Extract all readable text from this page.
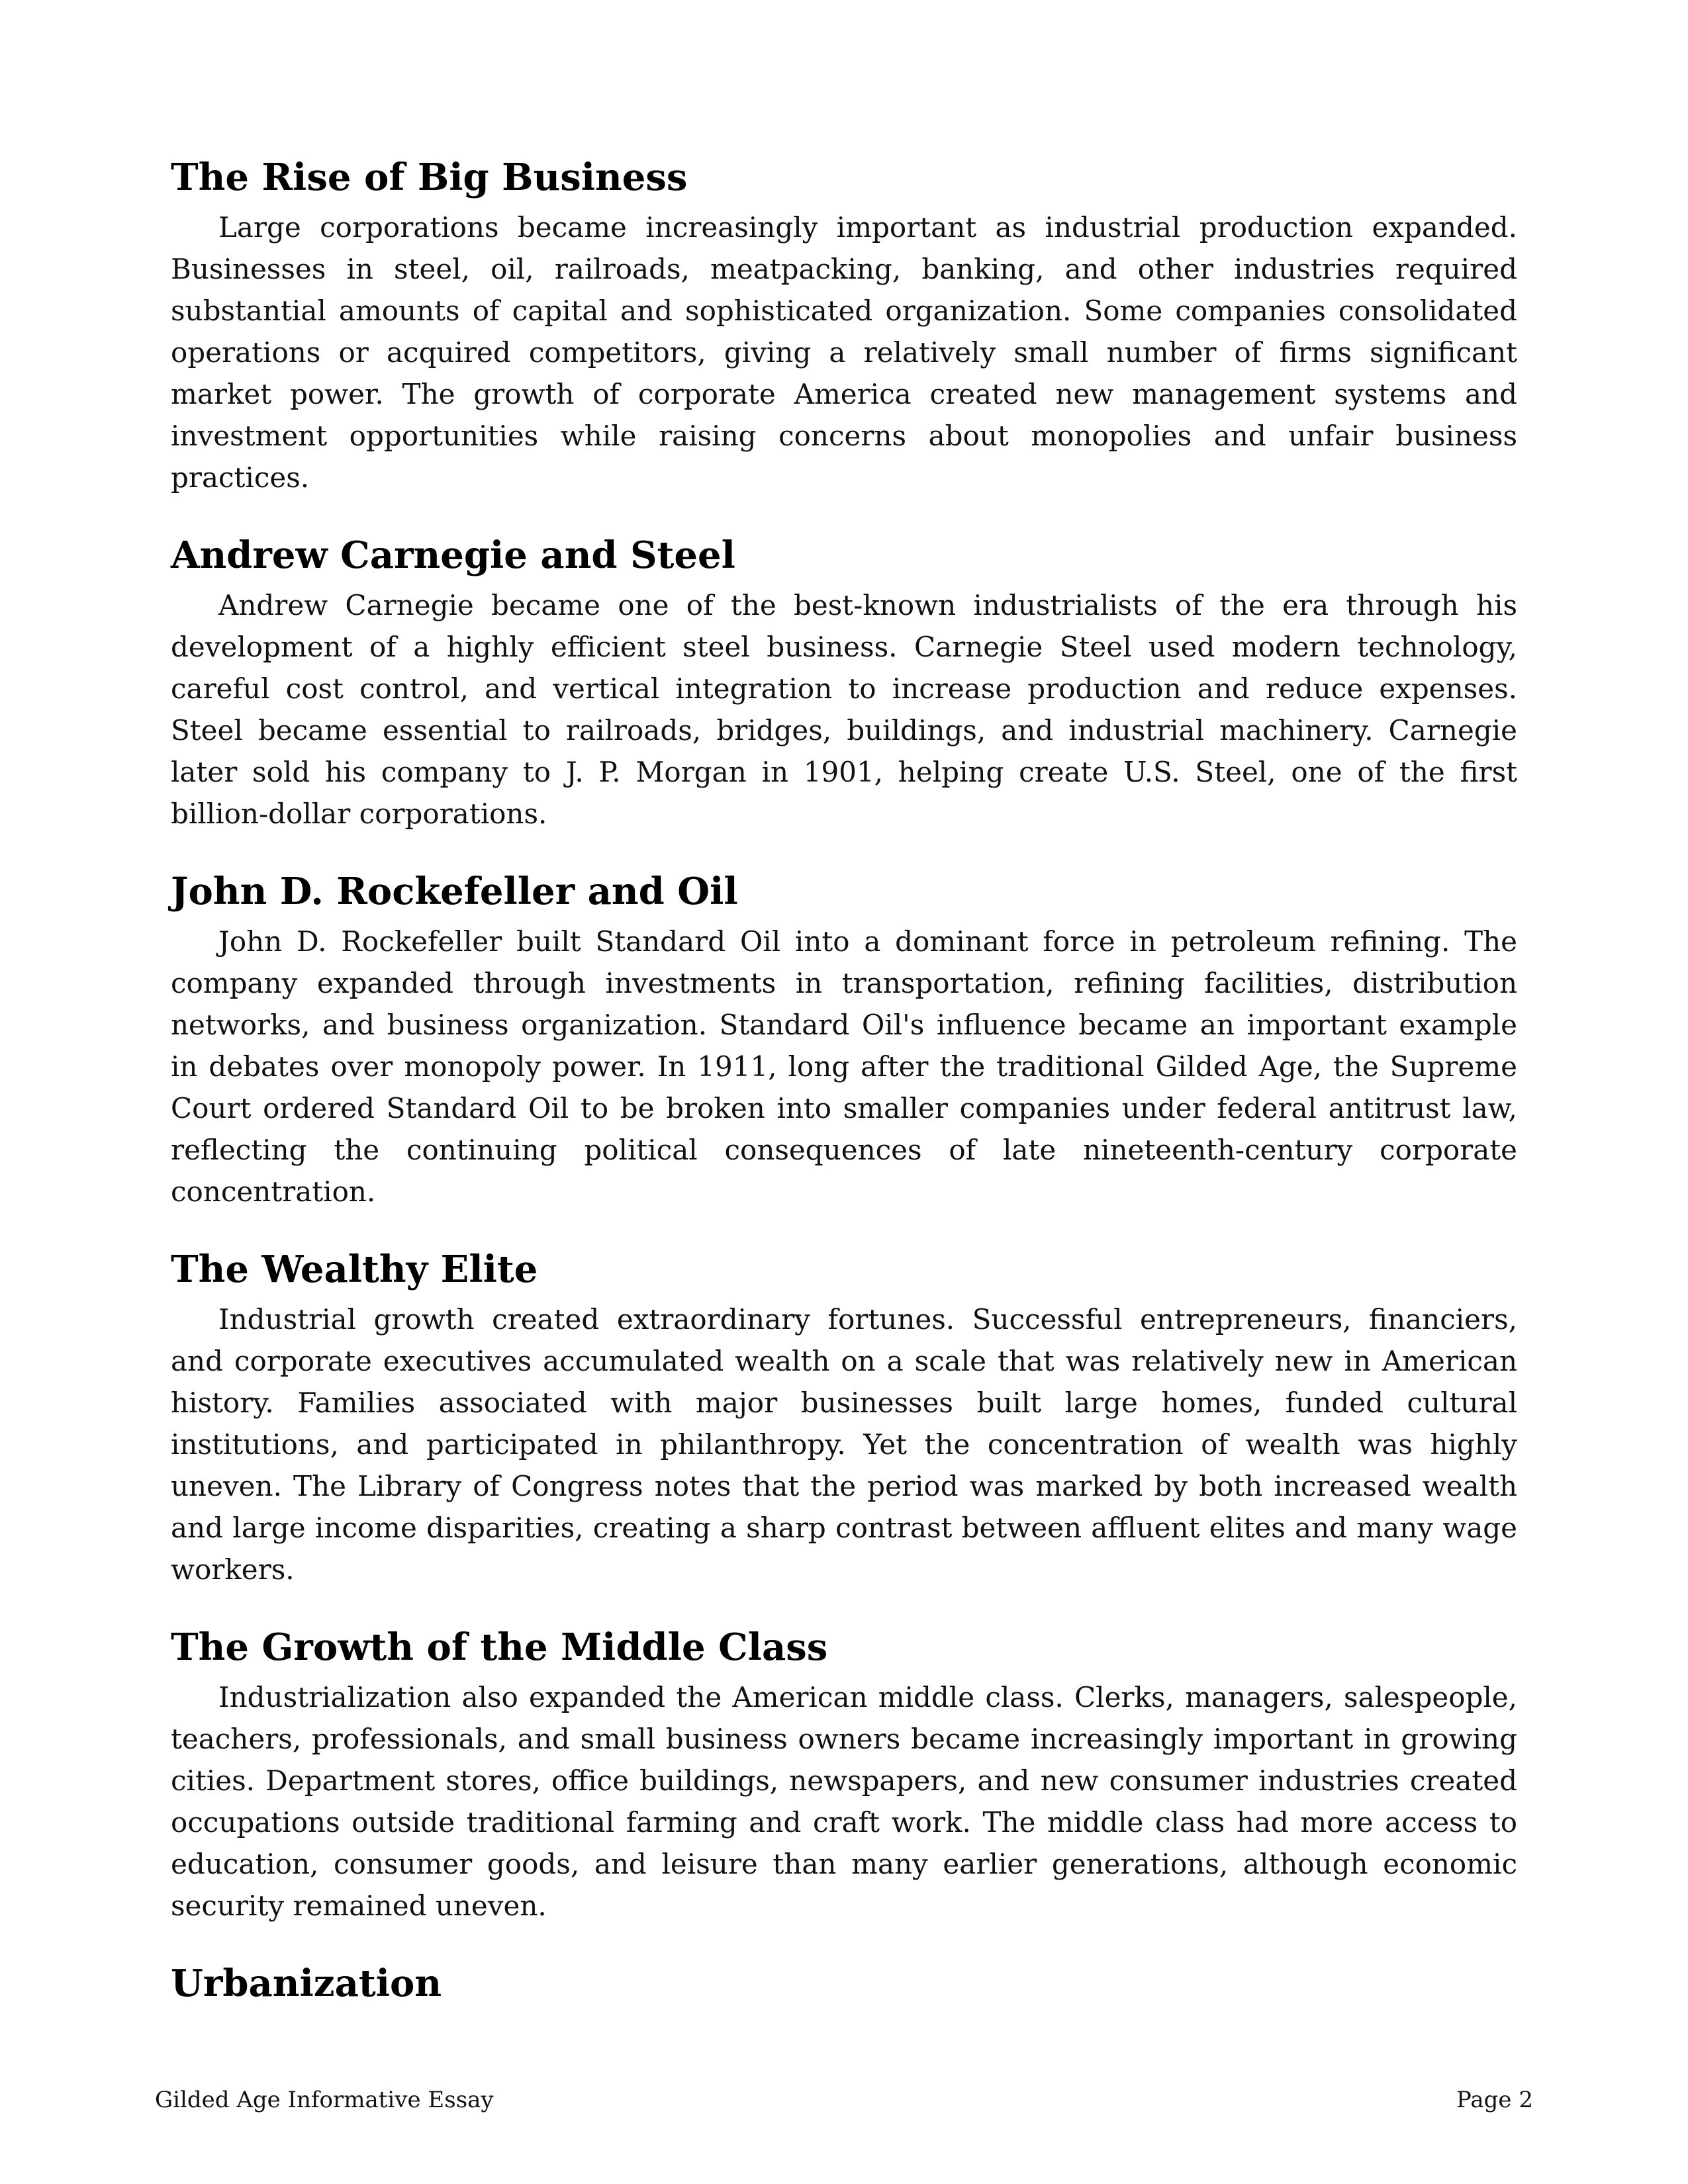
The Rise of Big Business

Large corporations became increasingly important as industrial production expanded. Businesses in steel, oil, railroads, meatpacking, banking, and other industries required substantial amounts of capital and sophisticated organization. Some companies consolidated operations or acquired competitors, giving a relatively small number of firms significant market power. The growth of corporate America created new management systems and investment opportunities while raising concerns about monopolies and unfair business practices.

Andrew Carnegie and Steel

Andrew Carnegie became one of the best-known industrialists of the era through his development of a highly efficient steel business. Carnegie Steel used modern technology, careful cost control, and vertical integration to increase production and reduce expenses. Steel became essential to railroads, bridges, buildings, and industrial machinery. Carnegie later sold his company to J. P. Morgan in 1901, helping create U.S. Steel, one of the first billion-dollar corporations.

John D. Rockefeller and Oil

John D. Rockefeller built Standard Oil into a dominant force in petroleum refining. The company expanded through investments in transportation, refining facilities, distribution networks, and business organization. Standard Oil's influence became an important example in debates over monopoly power. In 1911, long after the traditional Gilded Age, the Supreme Court ordered Standard Oil to be broken into smaller companies under federal antitrust law, reflecting the continuing political consequences of late nineteenth-century corporate concentration.

The Wealthy Elite

Industrial growth created extraordinary fortunes. Successful entrepreneurs, financiers, and corporate executives accumulated wealth on a scale that was relatively new in American history. Families associated with major businesses built large homes, funded cultural institutions, and participated in philanthropy. Yet the concentration of wealth was highly uneven. The Library of Congress notes that the period was marked by both increased wealth and large income disparities, creating a sharp contrast between affluent elites and many wage workers.

The Growth of the Middle Class

Industrialization also expanded the American middle class. Clerks, managers, salespeople, teachers, professionals, and small business owners became increasingly important in growing cities. Department stores, office buildings, newspapers, and new consumer industries created occupations outside traditional farming and craft work. The middle class had more access to education, consumer goods, and leisure than many earlier generations, although economic security remained uneven.

Urbanization
Gilded Age Informative Essay	Page 2
